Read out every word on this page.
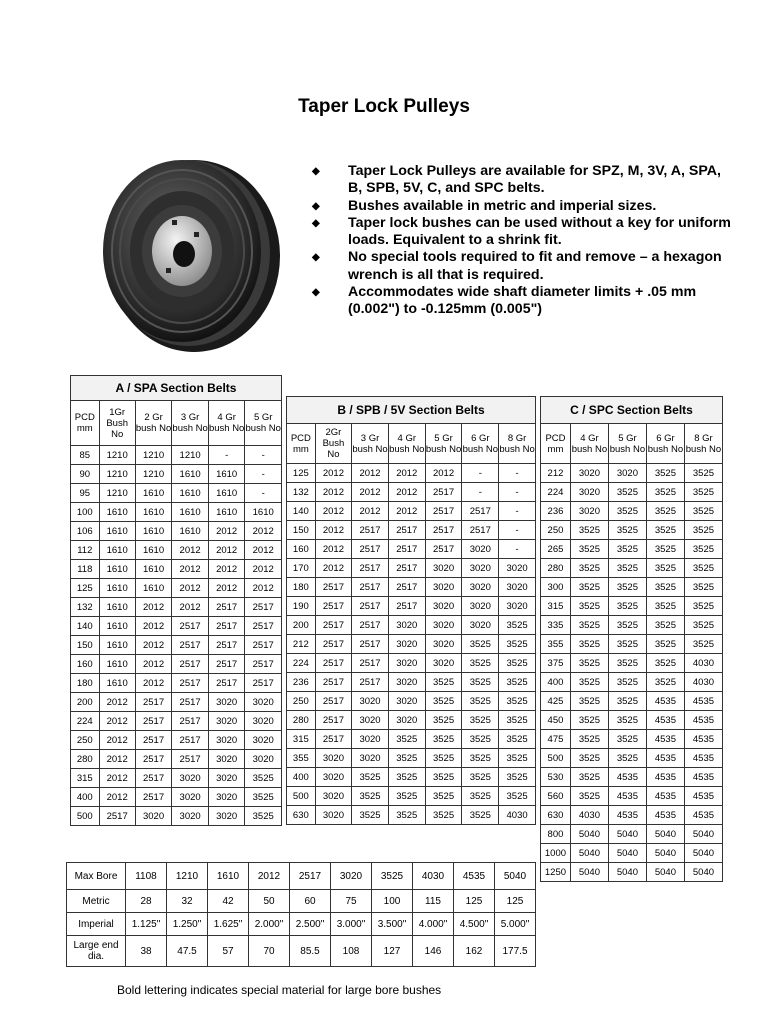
Taper Lock Pulleys
◆ Taper Lock Pulleys are available for SPZ, M, 3V, A, SPA, B, SPB, 5V, C, and SPC belts.
◆ Bushes available in metric and imperial sizes.
◆ Taper lock bushes can be used without a key for uniform loads. Equivalent to a shrink fit.
◆ No special tools required to fit and remove – a hexagon wrench is all that is required.
◆ Accommodates wide shaft diameter limits + .05 mm (0.002") to -0.125mm (0.005")
A / SPA Section Belts					
PCD mm	1Gr Bush No	2 Gr bush No	3 Gr bush No	4 Gr bush No	5 Gr bush No
85	1210	1210	1210	-	-
90	1210	1210	1610	1610	-
95	1210	1610	1610	1610	-
100	1610	1610	1610	1610	1610
106	1610	1610	1610	2012	2012
112	1610	1610	2012	2012	2012
118	1610	1610	2012	2012	2012
125	1610	1610	2012	2012	2012
132	1610	2012	2012	2517	2517
140	1610	2012	2517	2517	2517
150	1610	2012	2517	2517	2517
160	1610	2012	2517	2517	2517
180	1610	2012	2517	2517	2517
200	2012	2517	2517	3020	3020
224	2012	2517	2517	3020	3020
250	2012	2517	2517	3020	3020
280	2012	2517	2517	3020	3020
315	2012	2517	3020	3020	3525
400	2012	2517	3020	3020	3525
500	2517	3020	3020	3020	3525
B / SPB / 5V Section Belts						
PCD mm	2Gr Bush No	3 Gr bush No	4 Gr bush No	5 Gr bush No	6 Gr bush No	8 Gr bush No
125	2012	2012	2012	2012	-	-
132	2012	2012	2012	2517	-	-
140	2012	2012	2012	2517	2517	-
150	2012	2517	2517	2517	2517	-
160	2012	2517	2517	2517	3020	-
170	2012	2517	2517	3020	3020	3020
180	2517	2517	2517	3020	3020	3020
190	2517	2517	2517	3020	3020	3020
200	2517	2517	3020	3020	3020	3525
212	2517	2517	3020	3020	3525	3525
224	2517	2517	3020	3020	3525	3525
236	2517	2517	3020	3525	3525	3525
250	2517	3020	3020	3525	3525	3525
280	2517	3020	3020	3525	3525	3525
315	2517	3020	3525	3525	3525	3525
355	3020	3020	3525	3525	3525	3525
400	3020	3525	3525	3525	3525	3525
500	3020	3525	3525	3525	3525	3525
630	3020	3525	3525	3525	3525	4030
C / SPC Section Belts				
PCD mm	4 Gr bush No	5 Gr bush No	6 Gr bush No	8 Gr bush No
212	3020	3020	3525	3525
224	3020	3525	3525	3525
236	3020	3525	3525	3525
250	3525	3525	3525	3525
265	3525	3525	3525	3525
280	3525	3525	3525	3525
300	3525	3525	3525	3525
315	3525	3525	3525	3525
335	3525	3525	3525	3525
355	3525	3525	3525	3525
375	3525	3525	3525	4030
400	3525	3525	3525	4030
425	3525	3525	4535	4535
450	3525	3525	4535	4535
475	3525	3525	4535	4535
500	3525	3525	4535	4535
530	3525	4535	4535	4535
560	3525	4535	4535	4535
630	4030	4535	4535	4535
800	5040	5040	5040	5040
1000	5040	5040	5040	5040
1250	5040	5040	5040	5040
Max Bore	1108	1210	1610	2012	2517	3020	3525	4030	4535	5040
Metric	28	32	42	50	60	75	100	115	125	125
Imperial	1.125"	1.250"	1.625"	2.000"	2.500"	3.000"	3.500"	4.000"	4.500"	5.000"
Large end dia.	38	47.5	57	70	85.5	108	127	146	162	177.5

Bold lettering indicates special material for large bore bushes
